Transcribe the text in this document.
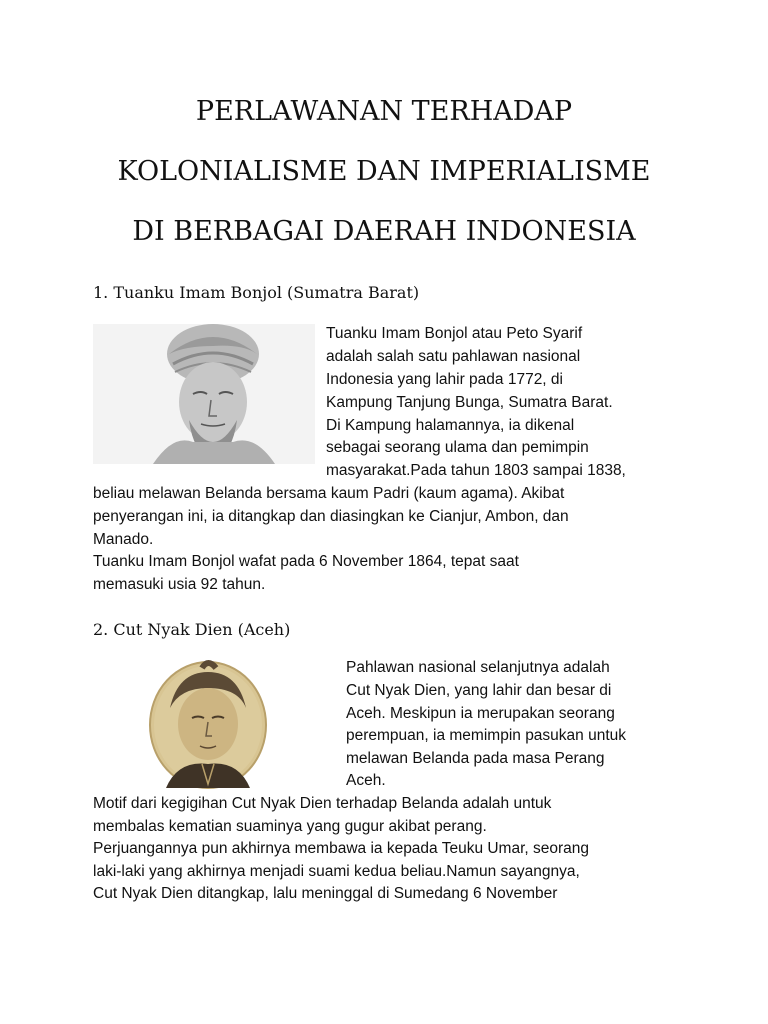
PERLAWANAN TERHADAP
KOLONIALISME DAN IMPERIALISME
DI BERBAGAI DAERAH INDONESIA
1. Tuanku Imam Bonjol (Sumatra Barat)
Tuanku Imam Bonjol atau Peto Syarif
adalah salah satu pahlawan nasional
Indonesia yang lahir pada 1772, di
Kampung Tanjung Bunga, Sumatra Barat.
Di Kampung halamannya, ia dikenal
sebagai seorang ulama dan pemimpin
masyarakat.Pada tahun 1803 sampai 1838,
beliau melawan Belanda bersama kaum Padri (kaum agama). Akibat
penyerangan ini, ia ditangkap dan diasingkan ke Cianjur, Ambon, dan
Manado.
Tuanku Imam Bonjol wafat pada 6 November 1864, tepat saat
memasuki usia 92 tahun.
2. Cut Nyak Dien (Aceh)
Pahlawan nasional selanjutnya adalah
Cut Nyak Dien, yang lahir dan besar di
Aceh. Meskipun ia merupakan seorang
perempuan, ia memimpin pasukan untuk
melawan Belanda pada masa Perang
Aceh.
Motif dari kegigihan Cut Nyak Dien terhadap Belanda adalah untuk
membalas kematian suaminya yang gugur akibat perang.
Perjuangannya pun akhirnya membawa ia kepada Teuku Umar, seorang
laki-laki yang akhirnya menjadi suami kedua beliau.Namun sayangnya,
Cut Nyak Dien ditangkap, lalu meninggal di Sumedang 6 November
